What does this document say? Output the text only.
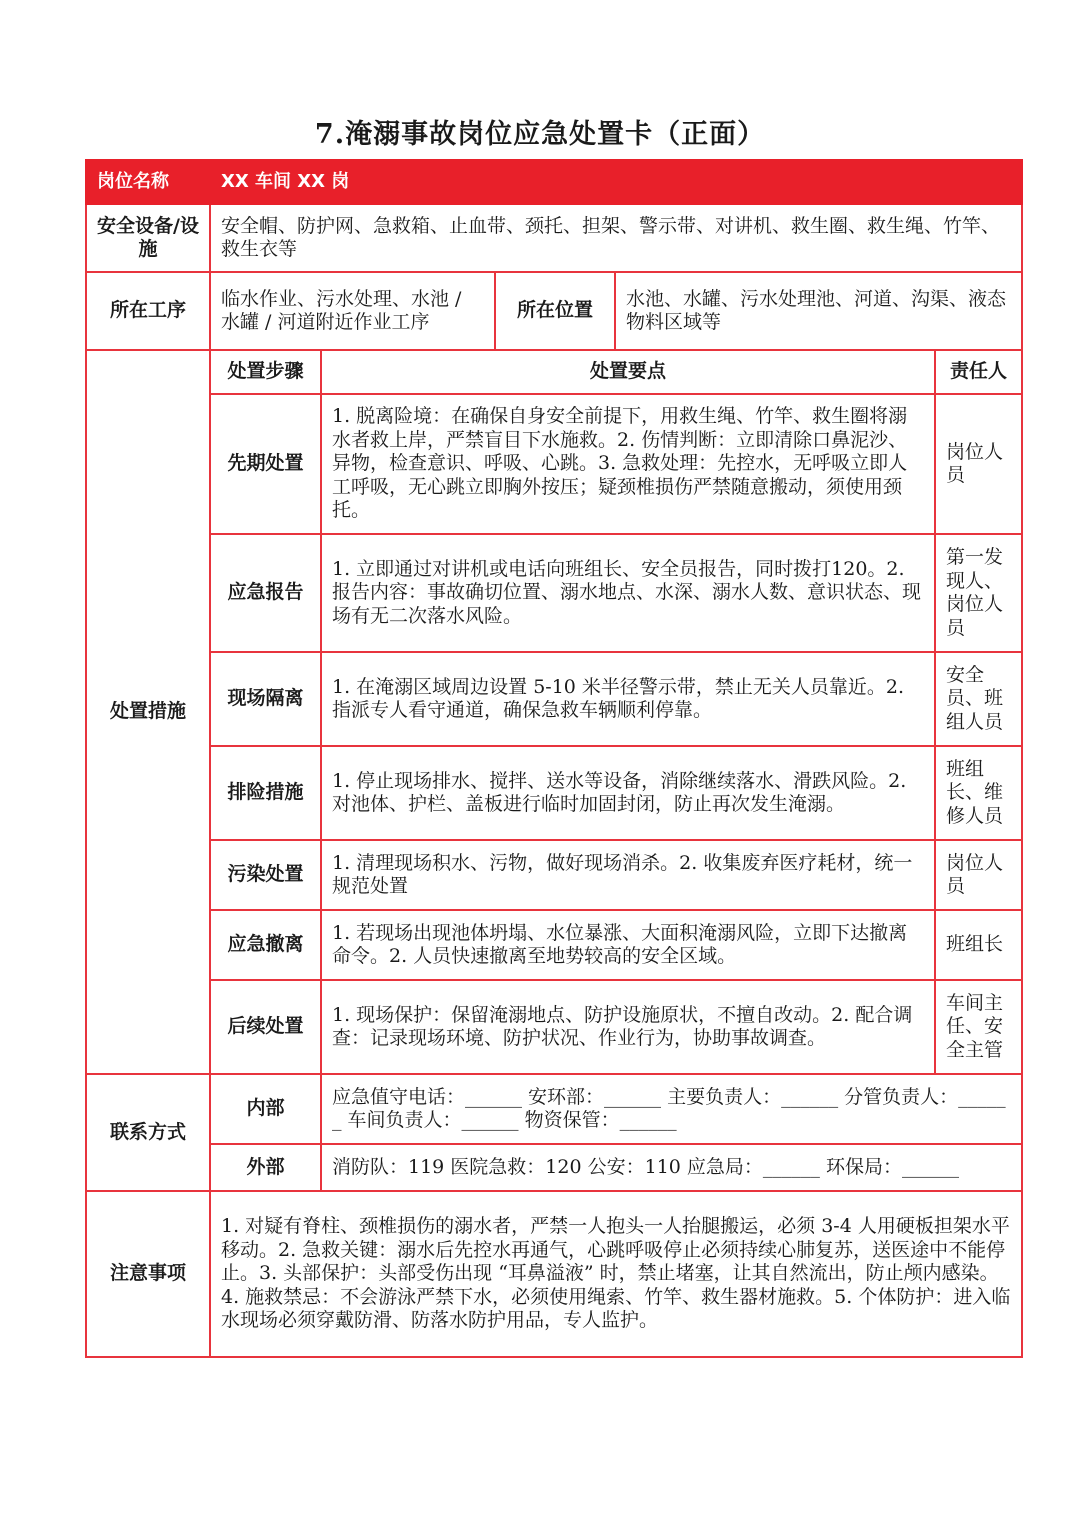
7.淹溺事故岗位应急处置卡（正面）
岗位名称	XX 车间 XX 岗				
安全设备/设施	安全帽、防护网、急救箱、止血带、颈托、担架、警示带、对讲机、救生圈、救生绳、竹竿、救生衣等				
所在工序	临水作业、污水处理、水池 / 水罐 / 河道附近作业工序		所在位置	水池、水罐、污水处理池、河道、沟渠、液态物料区域等	
处置措施	处置步骤	处置要点			责任人
	先期处置	1. 脱离险境：在确保自身安全前提下，用救生绳、竹竿、救生圈将溺水者救上岸，严禁盲目下水施救。2. 伤情判断：立即清除口鼻泥沙、异物，检查意识、呼吸、心跳。3. 急救处理：先控水，无呼吸立即人工呼吸，无心跳立即胸外按压；疑颈椎损伤严禁随意搬动，须使用颈托。			岗位人员
	应急报告	1. 立即通过对讲机或电话向班组长、安全员报告，同时拨打120。2. 报告内容：事故确切位置、溺水地点、水深、溺水人数、意识状态、现场有无二次落水风险。			第一发现人、岗位人员
	现场隔离	1. 在淹溺区域周边设置 5-10 米半径警示带，禁止无关人员靠近。2. 指派专人看守通道，确保急救车辆顺利停靠。			安全员、班组人员
	排险措施	1. 停止现场排水、搅拌、送水等设备，消除继续落水、滑跌风险。2. 对池体、护栏、盖板进行临时加固封闭，防止再次发生淹溺。			班组长、维修人员
	污染处置	1. 清理现场积水、污物，做好现场消杀。2. 收集废弃医疗耗材，统一规范处置			岗位人员
	应急撤离	1. 若现场出现池体坍塌、水位暴涨、大面积淹溺风险，立即下达撤离命令。2. 人员快速撤离至地势较高的安全区域。			班组长
	后续处置	1. 现场保护：保留淹溺地点、防护设施原状，不擅自改动。2. 配合调查：记录现场环境、防护状况、作业行为，协助事故调查。			车间主任、安全主管
联系方式	内部	应急值守电话：______ 安环部：______ 主要负责人：______ 分管负责人：______ 车间负责人：______ 物资保管：______			
	外部	消防队：119 医院急救：120 公安：110 应急局：______ 环保局：______			
注意事项	1. 对疑有脊柱、颈椎损伤的溺水者，严禁一人抱头一人抬腿搬运，必须 3-4 人用硬板担架水平移动。2. 急救关键：溺水后先控水再通气，心跳呼吸停止必须持续心肺复苏，送医途中不能停止。3. 头部保护：头部受伤出现 “耳鼻溢液” 时，禁止堵塞，让其自然流出，防止颅内感染。4. 施救禁忌：不会游泳严禁下水，必须使用绳索、竹竿、救生器材施救。5. 个体防护：进入临水现场必须穿戴防滑、防落水防护用品，专人监护。				
